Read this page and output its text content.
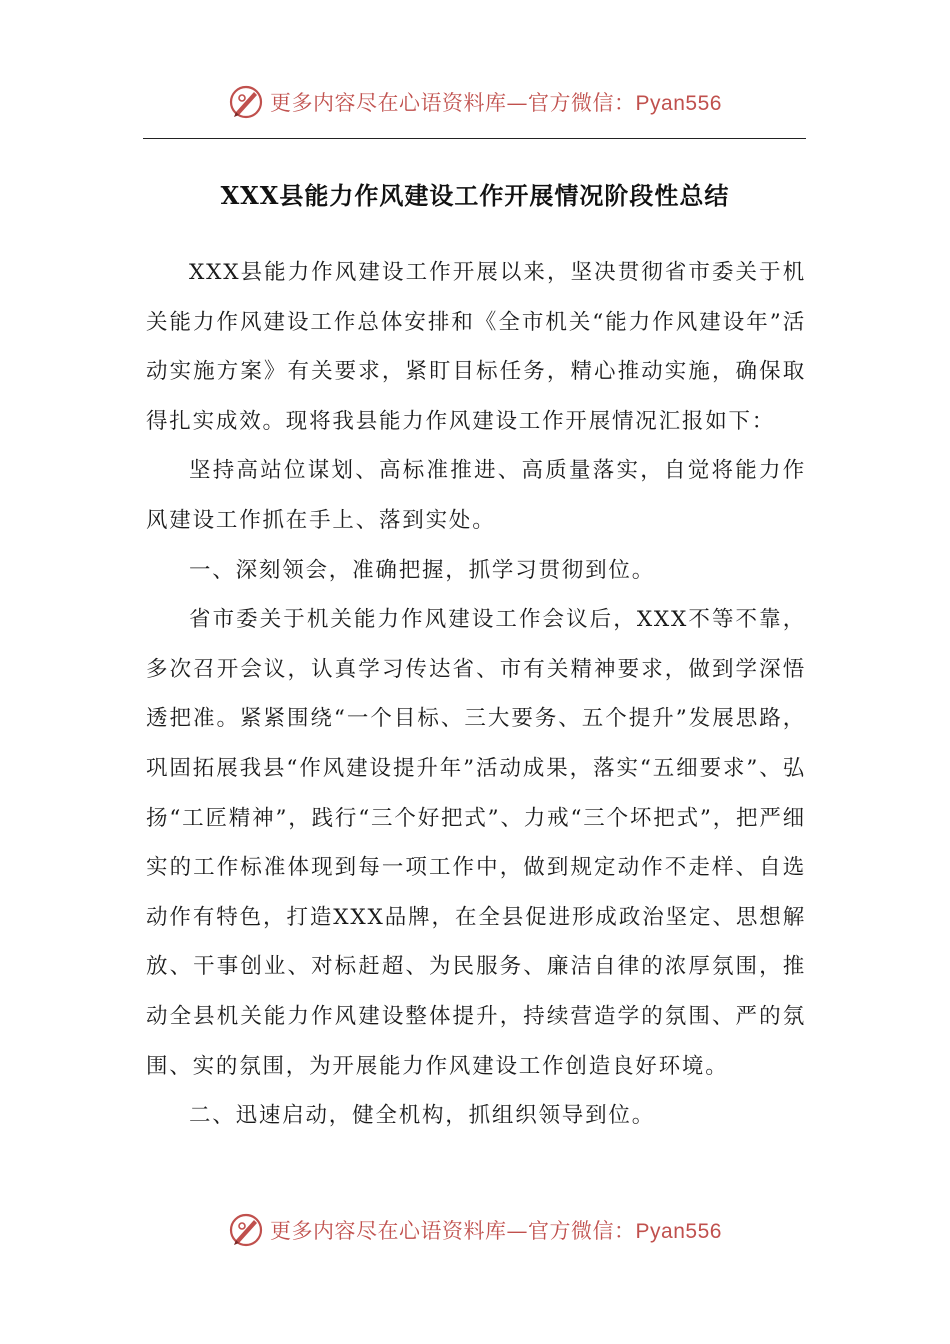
更多内容尽在心语资料库—官方微信：Pyan556
XXX县能力作风建设工作开展情况阶段性总结

XXX县能力作风建设工作开展以来，坚决贯彻省市委关于机关能力作风建设工作总体安排和《全市机关“能力作风建设年”活动实施方案》有关要求，紧盯目标任务，精心推动实施，确保取得扎实成效。现将我县能力作风建设工作开展情况汇报如下：

坚持高站位谋划、高标准推进、高质量落实，自觉将能力作风建设工作抓在手上、落到实处。

一、深刻领会，准确把握，抓学习贯彻到位。

省市委关于机关能力作风建设工作会议后，XXX不等不靠，多次召开会议，认真学习传达省、市有关精神要求，做到学深悟透把准。紧紧围绕“一个目标、三大要务、五个提升”发展思路，巩固拓展我县“作风建设提升年”活动成果，落实“五细要求”、弘扬“工匠精神”，践行“三个好把式”、力戒“三个坏把式”，把严细实的工作标准体现到每一项工作中，做到规定动作不走样、自选动作有特色，打造XXX品牌，在全县促进形成政治坚定、思想解放、干事创业、对标赶超、为民服务、廉洁自律的浓厚氛围，推动全县机关能力作风建设整体提升，持续营造学的氛围、严的氛围、实的氛围，为开展能力作风建设工作创造良好环境。

二、迅速启动，健全机构，抓组织领导到位。

更多内容尽在心语资料库—官方微信：Pyan556
